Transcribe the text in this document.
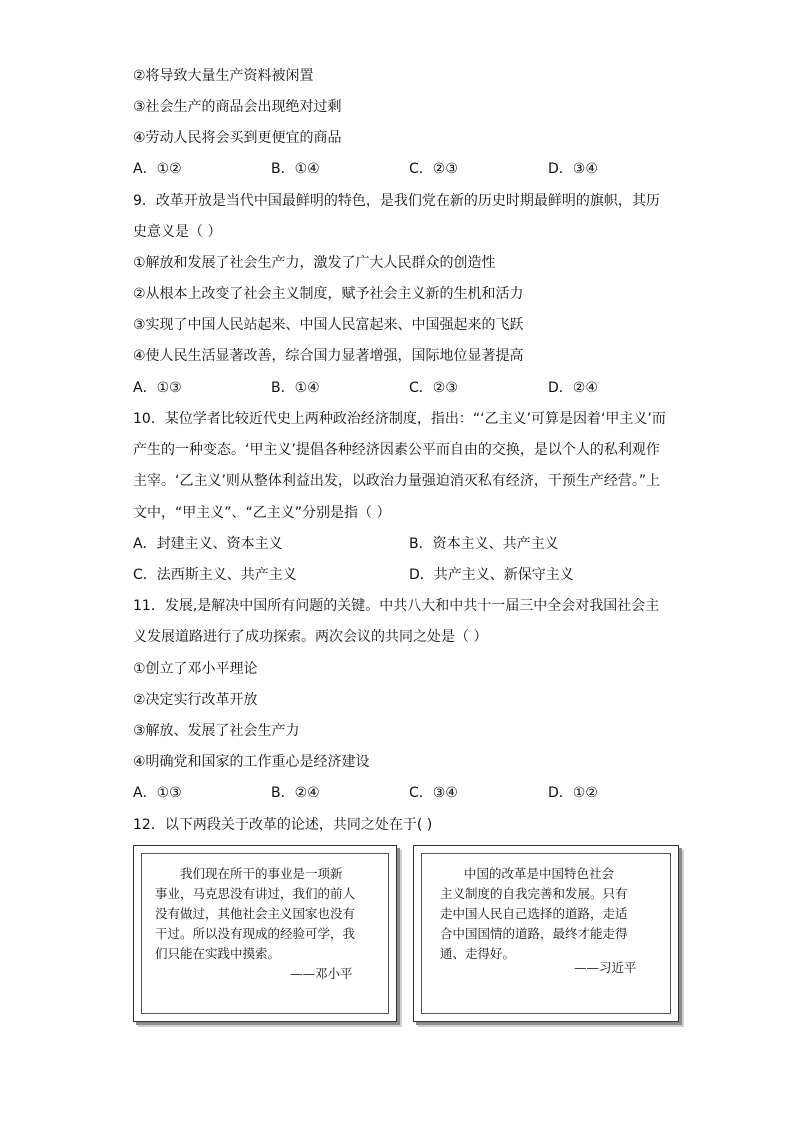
②将导致大量生产资料被闲置
③社会生产的商品会出现绝对过剩
④劳动人民将会买到更便宜的商品
A．①②	B．①④	C．②③	D．③④
9．改革开放是当代中国最鲜明的特色，是我们党在新的历史时期最鲜明的旗帜，其历
史意义是（ ）
①解放和发展了社会生产力，激发了广大人民群众的创造性
②从根本上改变了社会主义制度，赋予社会主义新的生机和活力
③实现了中国人民站起来、中国人民富起来、中国强起来的飞跃
④使人民生活显著改善，综合国力显著增强，国际地位显著提高
A．①③	B．①④	C．②③	D．②④
10．某位学者比较近代史上两种政治经济制度，指出：“‘乙主义’可算是因着‘甲主义’而
产生的一种变态。‘甲主义’提倡各种经济因素公平而自由的交换，是以个人的私利观作
主宰。‘乙主义’则从整体利益出发，以政治力量强迫消灭私有经济，干预生产经营。”上
文中，“甲主义”、“乙主义”分别是指（ ）
A．封建主义、资本主义	B．资本主义、共产主义
C．法西斯主义、共产主义	D．共产主义、新保守主义
11．发展,是解决中国所有问题的关键。中共八大和中共十一届三中全会对我国社会主
义发展道路进行了成功探索。两次会议的共同之处是（ ）
①创立了邓小平理论
②决定实行改革开放
③解放、发展了社会生产力
④明确党和国家的工作重心是经济建设
A．①③	B．②④	C．③④	D．①②
12．以下两段关于改革的论述，共同之处在于( )
我们现在所干的事业是一项新
事业，马克思没有讲过，我们的前人
没有做过，其他社会主义国家也没有
干过。所以没有现成的经验可学，我
们只能在实践中摸索。
——邓小平
中国的改革是中国特色社会
主义制度的自我完善和发展。只有
走中国人民自己选择的道路，走适
合中国国情的道路，最终才能走得
通、走得好。
——习近平
